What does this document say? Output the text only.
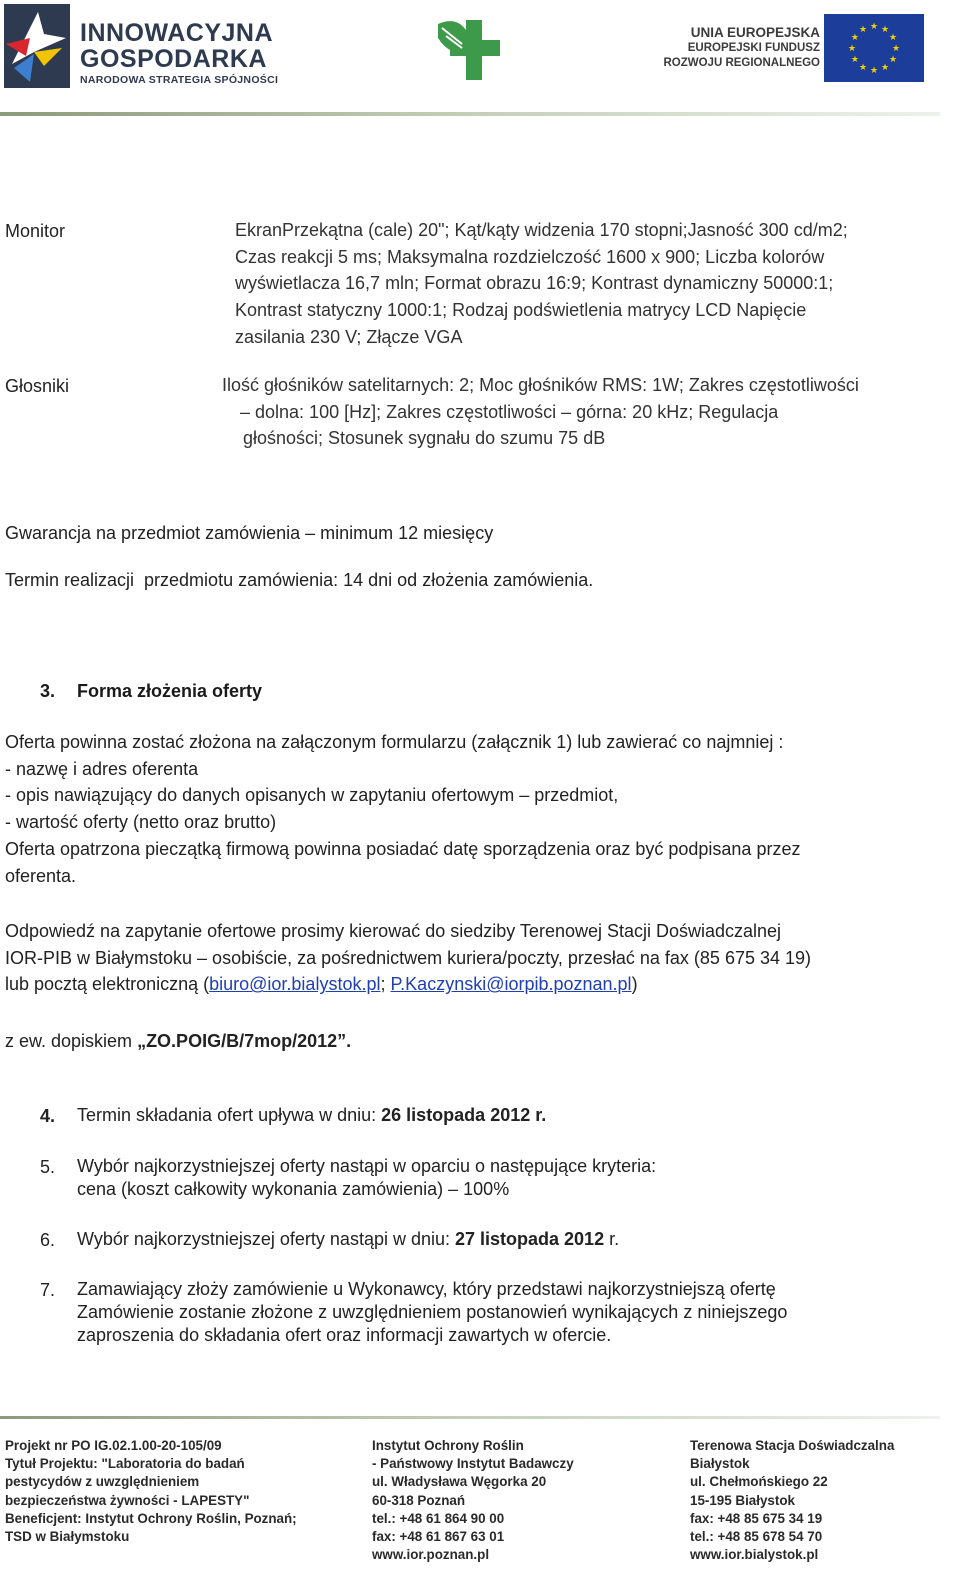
INNOWACYJNA
GOSPODARKA
NARODOWA STRATEGIA SPÓJNOŚCI
UNIA EUROPEJSKA
EUROPEJSKI FUNDUSZ
ROZWOJU REGIONALNEGO
★ ★
★
★
★
★
★
★
★
★
★
★
Monitor	EkranPrzekątna (cale) 20"; Kąt/kąty widzenia 170 stopni;Jasność 300 cd/m2;
Czas reakcji 5 ms; Maksymalna rozdzielczość 1600 x 900; Liczba kolorów
wyświetlacza 16,7 mln; Format obrazu 16:9; Kontrast dynamiczny 50000:1;
Kontrast statyczny 1000:1; Rodzaj podświetlenia matrycy LCD Napięcie
zasilania 230 V; Złącze VGA
Głosniki	Ilość głośników satelitarnych: 2; Moc głośników RMS: 1W; Zakres częstotliwości
– dolna: 100 [Hz]; Zakres częstotliwości – górna: 20 kHz; Regulacja
głośności; Stosunek sygnału do szumu 75 dB
Gwarancja na przedmiot zamówienia – minimum 12 miesięcy
Termin realizacji  przedmiotu zamówienia: 14 dni od złożenia zamówienia.
3. Forma złożenia oferty
Oferta powinna zostać złożona na załączonym formularzu (załącznik 1) lub zawierać co najmniej :
- nazwę i adres oferenta
- opis nawiązujący do danych opisanych w zapytaniu ofertowym – przedmiot,
- wartość oferty (netto oraz brutto)
Oferta opatrzona pieczątką firmową powinna posiadać datę sporządzenia oraz być podpisana przez
oferenta.
Odpowiedź na zapytanie ofertowe prosimy kierować do siedziby Terenowej Stacji Doświadczalnej
IOR-PIB w Białymstoku – osobiście, za pośrednictwem kuriera/poczty, przesłać na fax (85 675 34 19)
lub pocztą elektroniczną (biuro@ior.bialystok.pl; P.Kaczynski@iorpib.poznan.pl)
z ew. dopiskiem „ZO.POIG/B/7mop/2012”.
4. Termin składania ofert upływa w dniu: 26 listopada 2012 r.
5. Wybór najkorzystniejszej oferty nastąpi w oparciu o następujące kryteria:
cena (koszt całkowity wykonania zamówienia) – 100%
6. Wybór najkorzystniejszej oferty nastąpi w dniu: 27 listopada 2012 r.
7. Zamawiający złoży zamówienie u Wykonawcy, który przedstawi najkorzystniejszą ofertę
Zamówienie zostanie złożone z uwzględnieniem postanowień wynikających z niniejszego
zaproszenia do składania ofert oraz informacji zawartych w ofercie.
Projekt nr PO IG.02.1.00-20-105/09
Tytuł Projektu: "Laboratoria do badań
pestycydów z uwzględnieniem
bezpieczeństwa żywności - LAPESTY"
Beneficjent: Instytut Ochrony Roślin, Poznań;
TSD w Białymstoku
Instytut Ochrony Roślin
- Państwowy Instytut Badawczy
ul. Władysława Węgorka 20
60-318 Poznań
tel.: +48 61 864 90 00
fax: +48 61 867 63 01
www.ior.poznan.pl
Terenowa Stacja Doświadczalna
Białystok
ul. Chełmońskiego 22
15-195 Białystok
fax: +48 85 675 34 19
tel.: +48 85 678 54 70
www.ior.bialystok.pl
